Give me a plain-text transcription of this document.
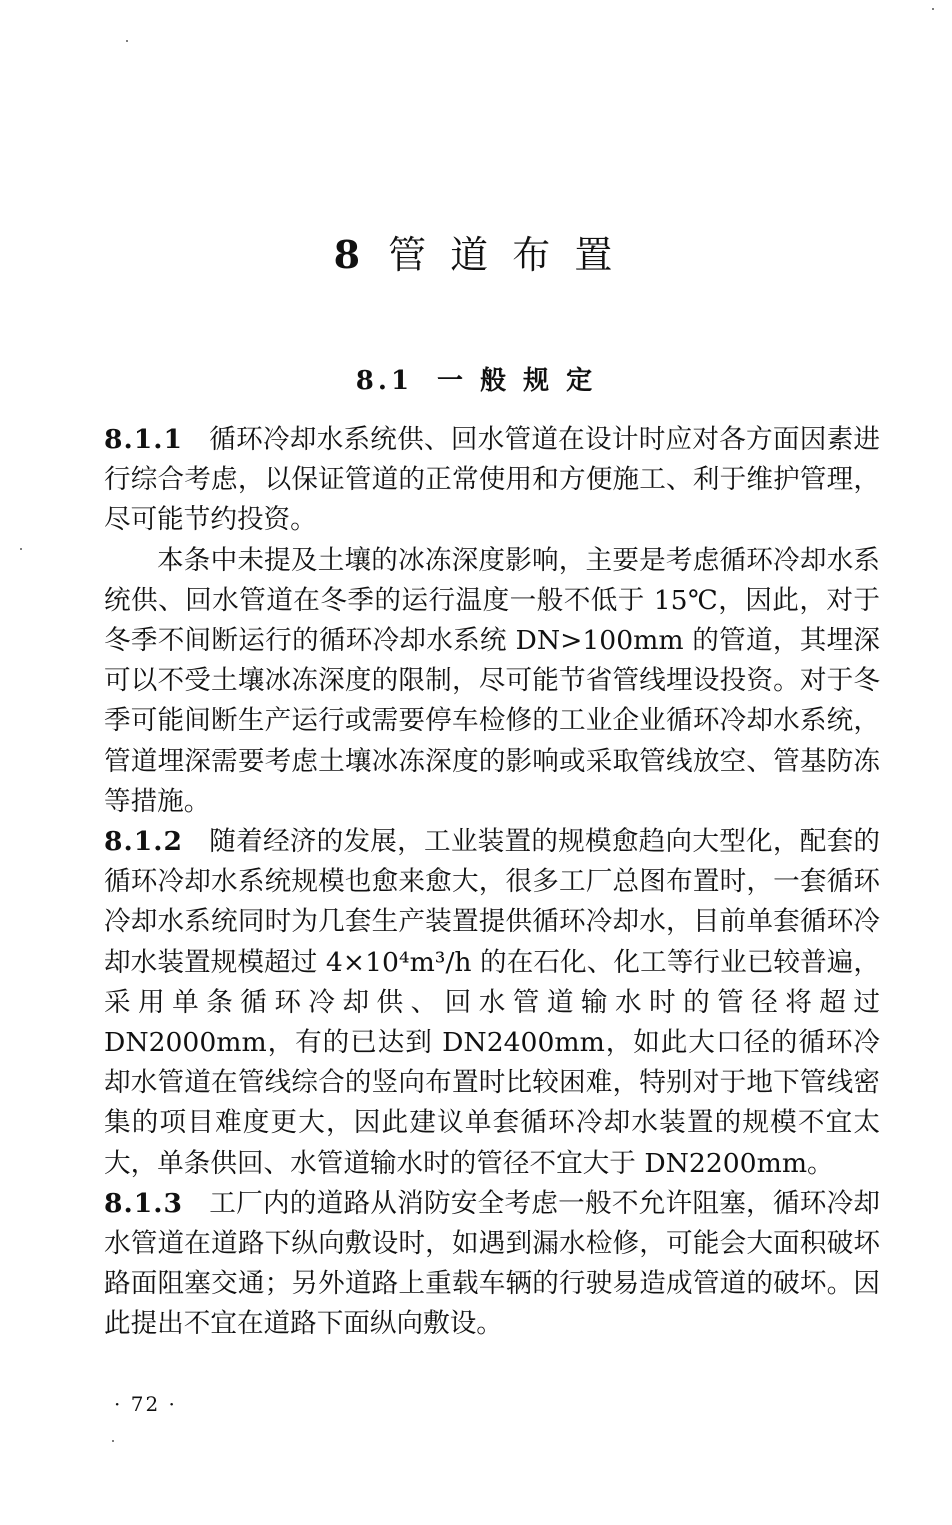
8 管 道 布 置
8.1 一 般 规 定

8.1.1 循环冷却水系统供、回水管道在设计时应对各方面因素进行综合考虑，以保证管道的正常使用和方便施工、利于维护管理，尽可能节约投资。

本条中未提及土壤的冰冻深度影响，主要是考虑循环冷却水系统供、回水管道在冬季的运行温度一般不低于 15℃，因此，对于冬季不间断运行的循环冷却水系统 DN>100mm 的管道，其埋深可以不受土壤冰冻深度的限制，尽可能节省管线埋设投资。对于冬季可能间断生产运行或需要停车检修的工业企业循环冷却水系统，管道埋深需要考虑土壤冰冻深度的影响或采取管线放空、管基防冻等措施。

8.1.2 随着经济的发展，工业装置的规模愈趋向大型化，配套的循环冷却水系统规模也愈来愈大，很多工厂总图布置时，一套循环冷却水系统同时为几套生产装置提供循环冷却水，目前单套循环冷却水装置规模超过 4×10⁴m³/h 的在石化、化工等行业已较普遍，采用单条循环冷却供、回水管道输水时的管径将超过 DN2000mm，有的已达到 DN2400mm，如此大口径的循环冷却水管道在管线综合的竖向布置时比较困难，特别对于地下管线密集的项目难度更大，因此建议单套循环冷却水装置的规模不宜太大，单条供回、水管道输水时的管径不宜大于 DN2200mm。

8.1.3 工厂内的道路从消防安全考虑一般不允许阻塞，循环冷却水管道在道路下纵向敷设时，如遇到漏水检修，可能会大面积破坏路面阻塞交通；另外道路上重载车辆的行驶易造成管道的破坏。因此提出不宜在道路下面纵向敷设。

· 72 ·
